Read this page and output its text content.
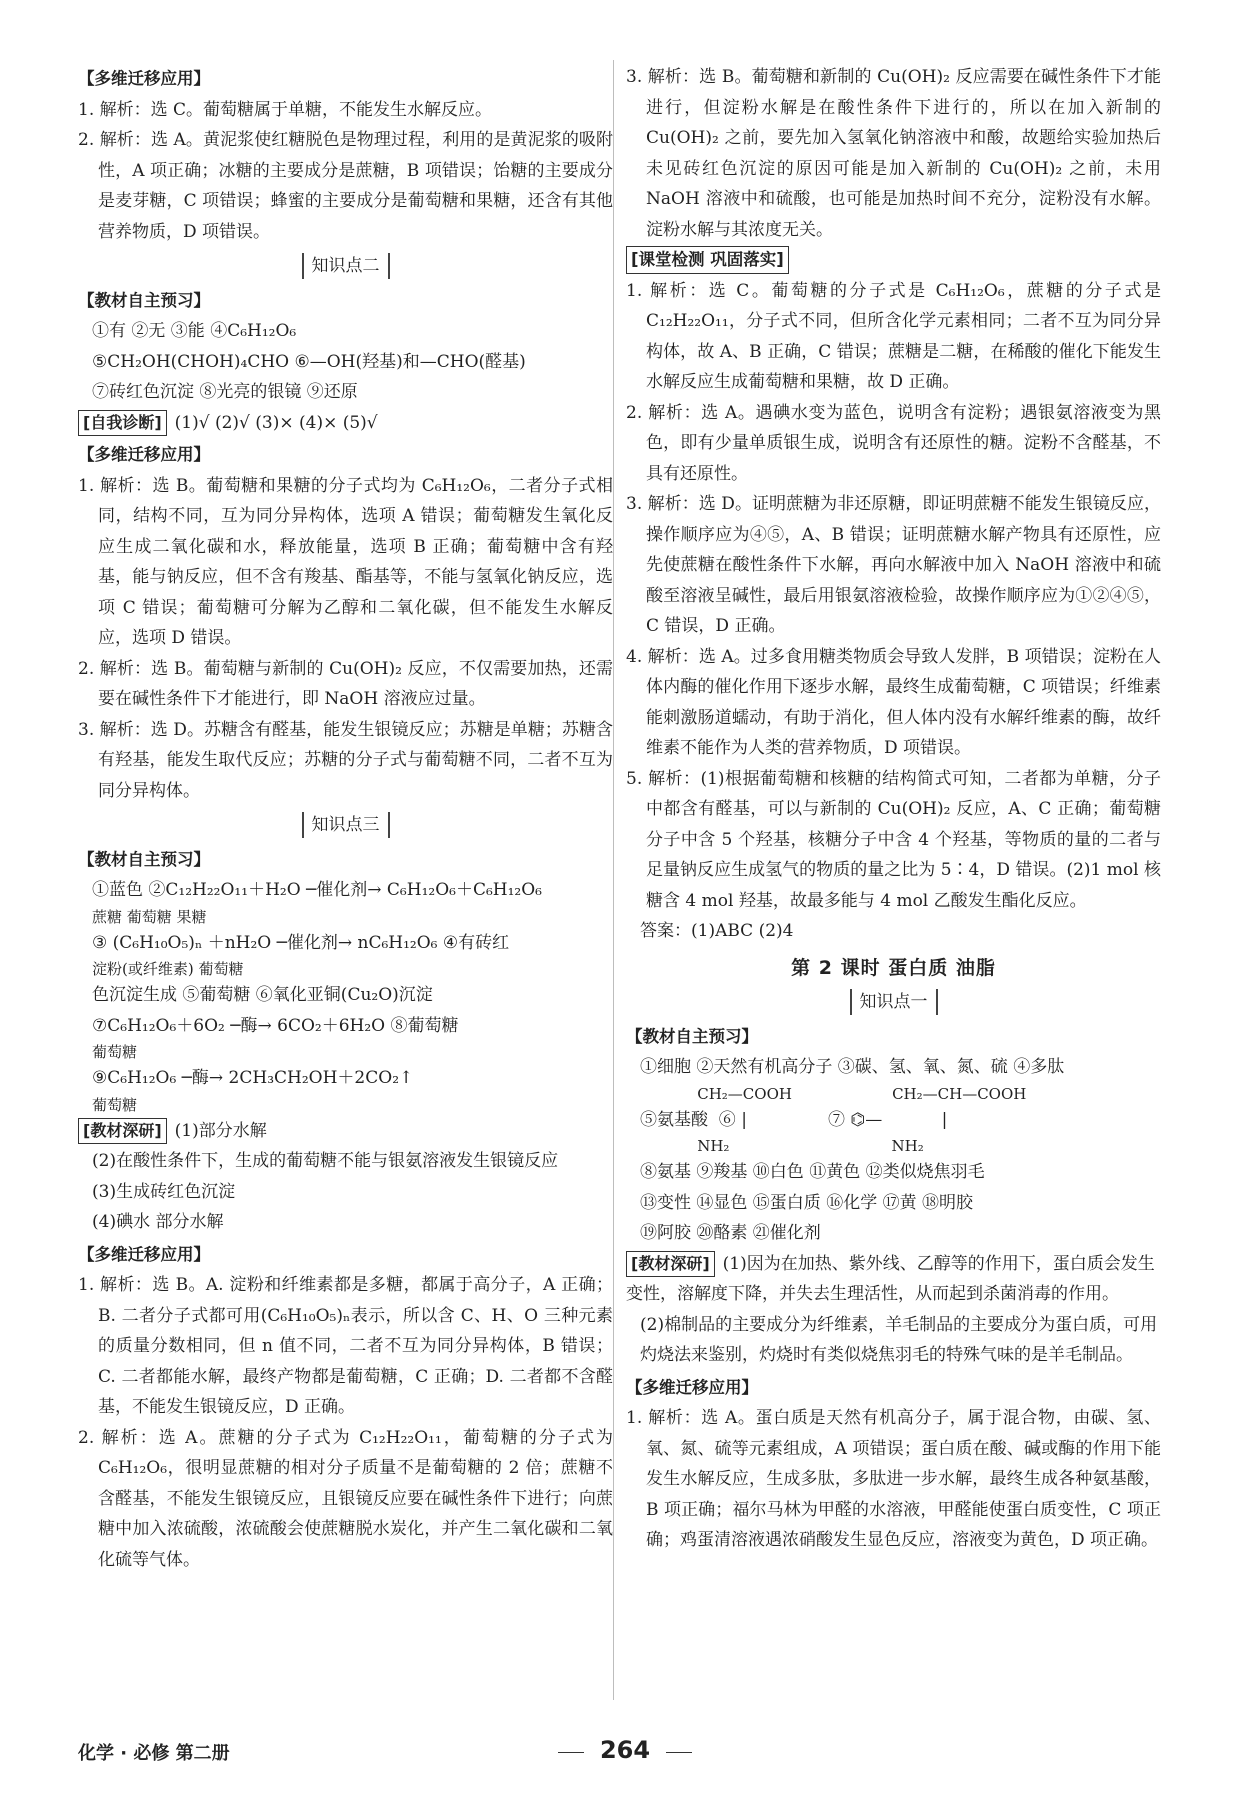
【多维迁移应用】
1. 解析：选 C。葡萄糖属于单糖，不能发生水解反应。
2. 解析：选 A。黄泥浆使红糖脱色是物理过程，利用的是黄泥浆的吸附性，A 项正确；冰糖的主要成分是蔗糖，B 项错误；饴糖的主要成分是麦芽糖，C 项错误；蜂蜜的主要成分是葡萄糖和果糖，还含有其他营养物质，D 项错误。
知识点二
【教材自主预习】
①有 ②无 ③能 ④C₆H₁₂O₆
⑤CH₂OH(CHOH)₄CHO ⑥—OH(羟基)和—CHO(醛基)
⑦砖红色沉淀 ⑧光亮的银镜 ⑨还原
[自我诊断] (1)√ (2)√ (3)× (4)× (5)√
【多维迁移应用】
1. 解析：选 B。葡萄糖和果糖的分子式均为 C₆H₁₂O₆，二者分子式相同，结构不同，互为同分异构体，选项 A 错误；葡萄糖发生氧化反应生成二氧化碳和水，释放能量，选项 B 正确；葡萄糖中含有羟基，能与钠反应，但不含有羧基、酯基等，不能与氢氧化钠反应，选项 C 错误；葡萄糖可分解为乙醇和二氧化碳，但不能发生水解反应，选项 D 错误。
2. 解析：选 B。葡萄糖与新制的 Cu(OH)₂ 反应，不仅需要加热，还需要在碱性条件下才能进行，即 NaOH 溶液应过量。
3. 解析：选 D。苏糖含有醛基，能发生银镜反应；苏糖是单糖；苏糖含有羟基，能发生取代反应；苏糖的分子式与葡萄糖不同，二者不互为同分异构体。
知识点三
【教材自主预习】
①蓝色 ②C₁₂H₂₂O₁₁＋H₂O ─催化剂→ C₆H₁₂O₆＋C₆H₁₂O₆
蔗糖 葡萄糖 果糖
③ (C₆H₁₀O₅)ₙ ＋nH₂O ─催化剂→ nC₆H₁₂O₆ ④有砖红
淀粉(或纤维素) 葡萄糖
色沉淀生成 ⑤葡萄糖 ⑥氧化亚铜(Cu₂O)沉淀
⑦C₆H₁₂O₆＋6O₂ ─酶→ 6CO₂＋6H₂O ⑧葡萄糖
葡萄糖
⑨C₆H₁₂O₆ ─酶→ 2CH₃CH₂OH＋2CO₂↑
葡萄糖
[教材深研] (1)部分水解
(2)在酸性条件下，生成的葡萄糖不能与银氨溶液发生银镜反应
(3)生成砖红色沉淀
(4)碘水 部分水解
【多维迁移应用】
1. 解析：选 B。A. 淀粉和纤维素都是多糖，都属于高分子，A 正确；B. 二者分子式都可用(C₆H₁₀O₅)ₙ表示，所以含 C、H、O 三种元素的质量分数相同，但 n 值不同，二者不互为同分异构体，B 错误；C. 二者都能水解，最终产物都是葡萄糖，C 正确；D. 二者都不含醛基，不能发生银镜反应，D 正确。
2. 解析：选 A。蔗糖的分子式为 C₁₂H₂₂O₁₁，葡萄糖的分子式为 C₆H₁₂O₆，很明显蔗糖的相对分子质量不是葡萄糖的 2 倍；蔗糖不含醛基，不能发生银镜反应，且银镜反应要在碱性条件下进行；向蔗糖中加入浓硫酸，浓硫酸会使蔗糖脱水炭化，并产生二氧化碳和二氧化硫等气体。
3. 解析：选 B。葡萄糖和新制的 Cu(OH)₂ 反应需要在碱性条件下才能进行，但淀粉水解是在酸性条件下进行的，所以在加入新制的 Cu(OH)₂ 之前，要先加入氢氧化钠溶液中和酸，故题给实验加热后未见砖红色沉淀的原因可能是加入新制的 Cu(OH)₂ 之前，未用 NaOH 溶液中和硫酸，也可能是加热时间不充分，淀粉没有水解。淀粉水解与其浓度无关。
[课堂检测 巩固落实]
1. 解析：选 C。葡萄糖的分子式是 C₆H₁₂O₆，蔗糖的分子式是 C₁₂H₂₂O₁₁，分子式不同，但所含化学元素相同；二者不互为同分异构体，故 A、B 正确，C 错误；蔗糖是二糖，在稀酸的催化下能发生水解反应生成葡萄糖和果糖，故 D 正确。
2. 解析：选 A。遇碘水变为蓝色，说明含有淀粉；遇银氨溶液变为黑色，即有少量单质银生成，说明含有还原性的糖。淀粉不含醛基，不具有还原性。
3. 解析：选 D。证明蔗糖为非还原糖，即证明蔗糖不能发生银镜反应，操作顺序应为④⑤，A、B 错误；证明蔗糖水解产物具有还原性，应先使蔗糖在酸性条件下水解，再向水解液中加入 NaOH 溶液中和硫酸至溶液呈碱性，最后用银氨溶液检验，故操作顺序应为①②④⑤，C 错误，D 正确。
4. 解析：选 A。过多食用糖类物质会导致人发胖，B 项错误；淀粉在人体内酶的催化作用下逐步水解，最终生成葡萄糖，C 项错误；纤维素能刺激肠道蠕动，有助于消化，但人体内没有水解纤维素的酶，故纤维素不能作为人类的营养物质，D 项错误。
5. 解析：(1)根据葡萄糖和核糖的结构简式可知，二者都为单糖，分子中都含有醛基，可以与新制的 Cu(OH)₂ 反应，A、C 正确；葡萄糖分子中含 5 个羟基，核糖分子中含 4 个羟基，等物质的量的二者与足量钠反应生成氢气的物质的量之比为 5∶4，D 错误。(2)1 mol 核糖含 4 mol 羟基，故最多能与 4 mol 乙酸发生酯化反应。
答案：(1)ABC (2)4
第 2 课时 蛋白质 油脂
知识点一
【教材自主预习】
①细胞 ②天然有机高分子 ③碳、氢、氧、氮、硫 ④多肽
CH₂—COOH                     CH₂—CH—COOH
⑤氨基酸  ⑥ |               ⑦ ⌬—           |
NH₂                                  NH₂
⑧氨基 ⑨羧基 ⑩白色 ⑪黄色 ⑫类似烧焦羽毛
⑬变性 ⑭显色 ⑮蛋白质 ⑯化学 ⑰黄 ⑱明胶
⑲阿胶 ⑳酪素 ㉑催化剂
[教材深研] (1)因为在加热、紫外线、乙醇等的作用下，蛋白质会发生变性，溶解度下降，并失去生理活性，从而起到杀菌消毒的作用。
(2)棉制品的主要成分为纤维素，羊毛制品的主要成分为蛋白质，可用灼烧法来鉴别，灼烧时有类似烧焦羽毛的特殊气味的是羊毛制品。
【多维迁移应用】
1. 解析：选 A。蛋白质是天然有机高分子，属于混合物，由碳、氢、氧、氮、硫等元素组成，A 项错误；蛋白质在酸、碱或酶的作用下能发生水解反应，生成多肽，多肽进一步水解，最终生成各种氨基酸，B 项正确；福尔马林为甲醛的水溶液，甲醛能使蛋白质变性，C 项正确；鸡蛋清溶液遇浓硝酸发生显色反应，溶液变为黄色，D 项正确。
化学 · 必修 第二册	264
